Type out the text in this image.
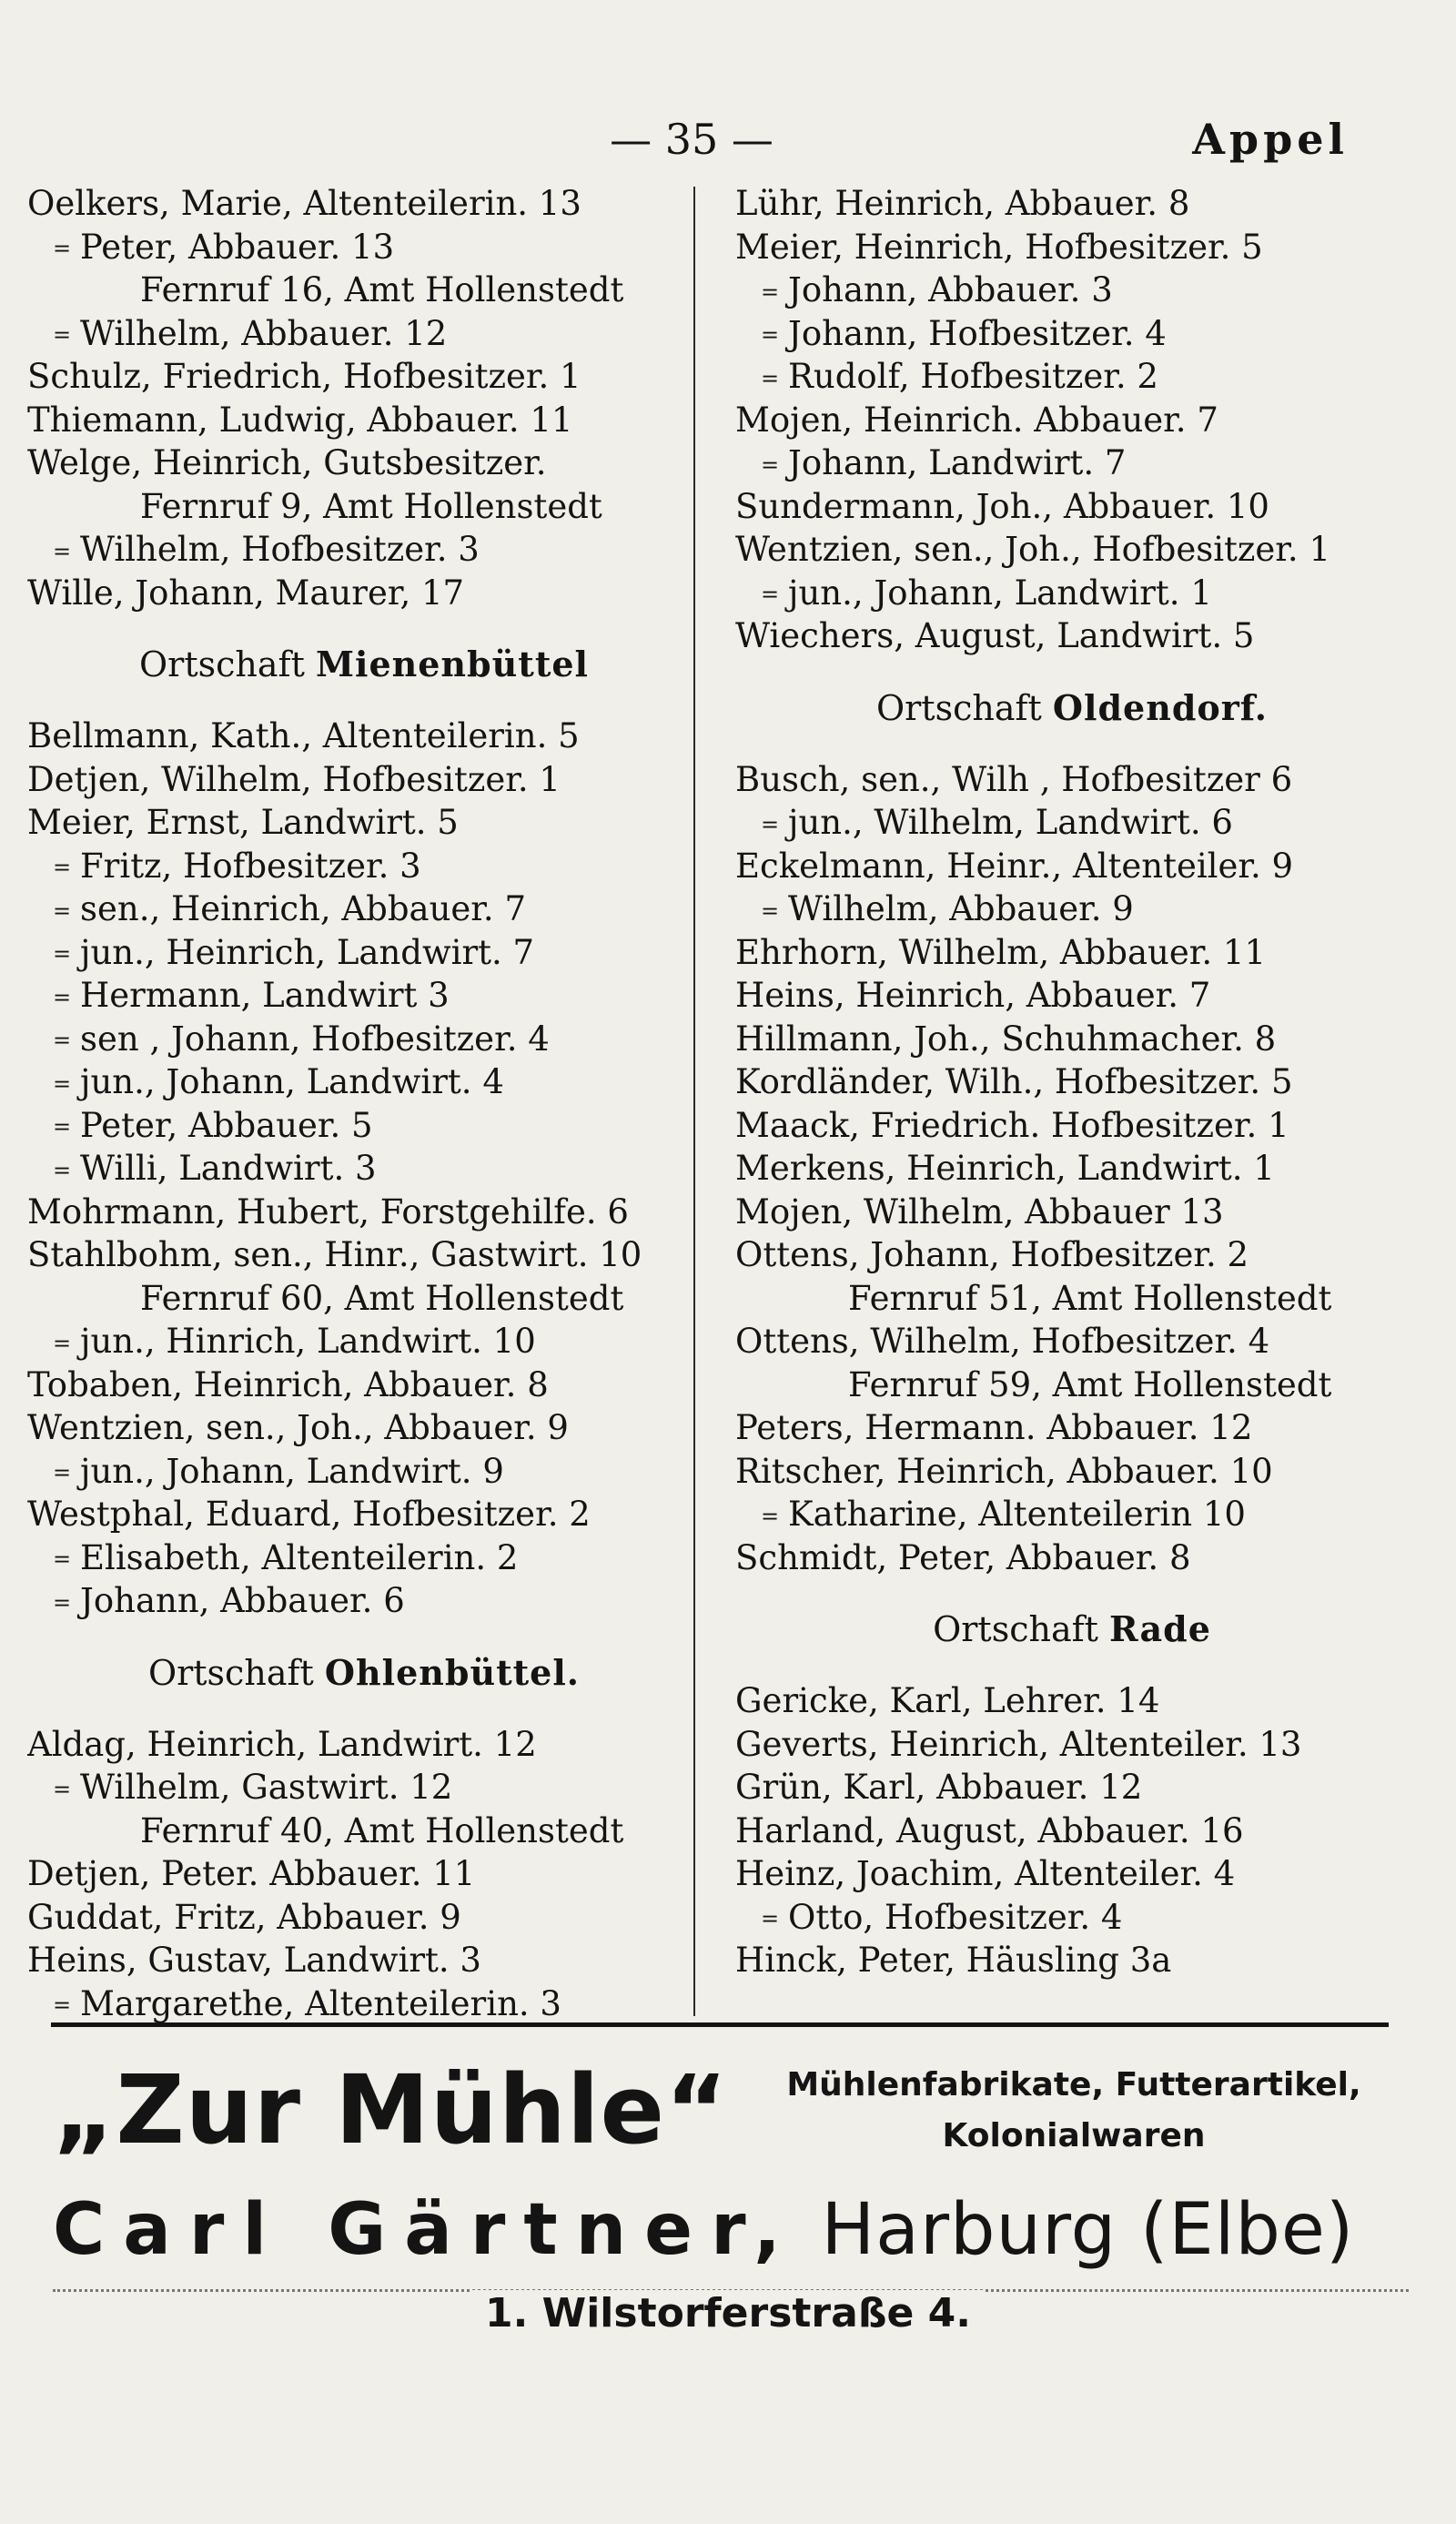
— 35 —	Appel
Oelkers, Marie, Altenteilerin. 13
= Peter, Abbauer. 13
Fernruf 16, Amt Hollenstedt
= Wilhelm, Abbauer. 12
Schulz, Friedrich, Hofbesitzer. 1
Thiemann, Ludwig, Abbauer. 11
Welge, Heinrich, Gutsbesitzer.
Fernruf 9, Amt Hollenstedt
= Wilhelm, Hofbesitzer. 3
Wille, Johann, Maurer, 17
Ortschaft Mienenbüttel
Bellmann, Kath., Altenteilerin. 5
Detjen, Wilhelm, Hofbesitzer. 1
Meier, Ernst, Landwirt. 5
= Fritz, Hofbesitzer. 3
= sen., Heinrich, Abbauer. 7
= jun., Heinrich, Landwirt. 7
= Hermann, Landwirt 3
= sen , Johann, Hofbesitzer. 4
= jun., Johann, Landwirt. 4
= Peter, Abbauer. 5
= Willi, Landwirt. 3
Mohrmann, Hubert, Forstgehilfe. 6
Stahlbohm, sen., Hinr., Gastwirt. 10
Fernruf 60, Amt Hollenstedt
= jun., Hinrich, Landwirt. 10
Tobaben, Heinrich, Abbauer. 8
Wentzien, sen., Joh., Abbauer. 9
= jun., Johann, Landwirt. 9
Westphal, Eduard, Hofbesitzer. 2
= Elisabeth, Altenteilerin. 2
= Johann, Abbauer. 6
Ortschaft Ohlenbüttel.
Aldag, Heinrich, Landwirt. 12
= Wilhelm, Gastwirt. 12
Fernruf 40, Amt Hollenstedt
Detjen, Peter. Abbauer. 11
Guddat, Fritz, Abbauer. 9
Heins, Gustav, Landwirt. 3
= Margarethe, Altenteilerin. 3
Lühr, Heinrich, Abbauer. 8
Meier, Heinrich, Hofbesitzer. 5
= Johann, Abbauer. 3
= Johann, Hofbesitzer. 4
= Rudolf, Hofbesitzer. 2
Mojen, Heinrich. Abbauer. 7
= Johann, Landwirt. 7
Sundermann, Joh., Abbauer. 10
Wentzien, sen., Joh., Hofbesitzer. 1
= jun., Johann, Landwirt. 1
Wiechers, August, Landwirt. 5
Ortschaft Oldendorf.
Busch, sen., Wilh , Hofbesitzer 6
= jun., Wilhelm, Landwirt. 6
Eckelmann, Heinr., Altenteiler. 9
= Wilhelm, Abbauer. 9
Ehrhorn, Wilhelm, Abbauer. 11
Heins, Heinrich, Abbauer. 7
Hillmann, Joh., Schuhmacher. 8
Kordländer, Wilh., Hofbesitzer. 5
Maack, Friedrich. Hofbesitzer. 1
Merkens, Heinrich, Landwirt. 1
Mojen, Wilhelm, Abbauer 13
Ottens, Johann, Hofbesitzer. 2
Fernruf 51, Amt Hollenstedt
Ottens, Wilhelm, Hofbesitzer. 4
Fernruf 59, Amt Hollenstedt
Peters, Hermann. Abbauer. 12
Ritscher, Heinrich, Abbauer. 10
= Katharine, Altenteilerin 10
Schmidt, Peter, Abbauer. 8
Ortschaft Rade
Gericke, Karl, Lehrer. 14
Geverts, Heinrich, Altenteiler. 13
Grün, Karl, Abbauer. 12
Harland, August, Abbauer. 16
Heinz, Joachim, Altenteiler. 4
= Otto, Hofbesitzer. 4
Hinck, Peter, Häusling 3a
„Zur Mühle“	Mühlenfabrikate, Futterartikel,
Kolonialwaren
Carl Gärtner, Harburg (Elbe)
1. Wilstorferstraße 4.
